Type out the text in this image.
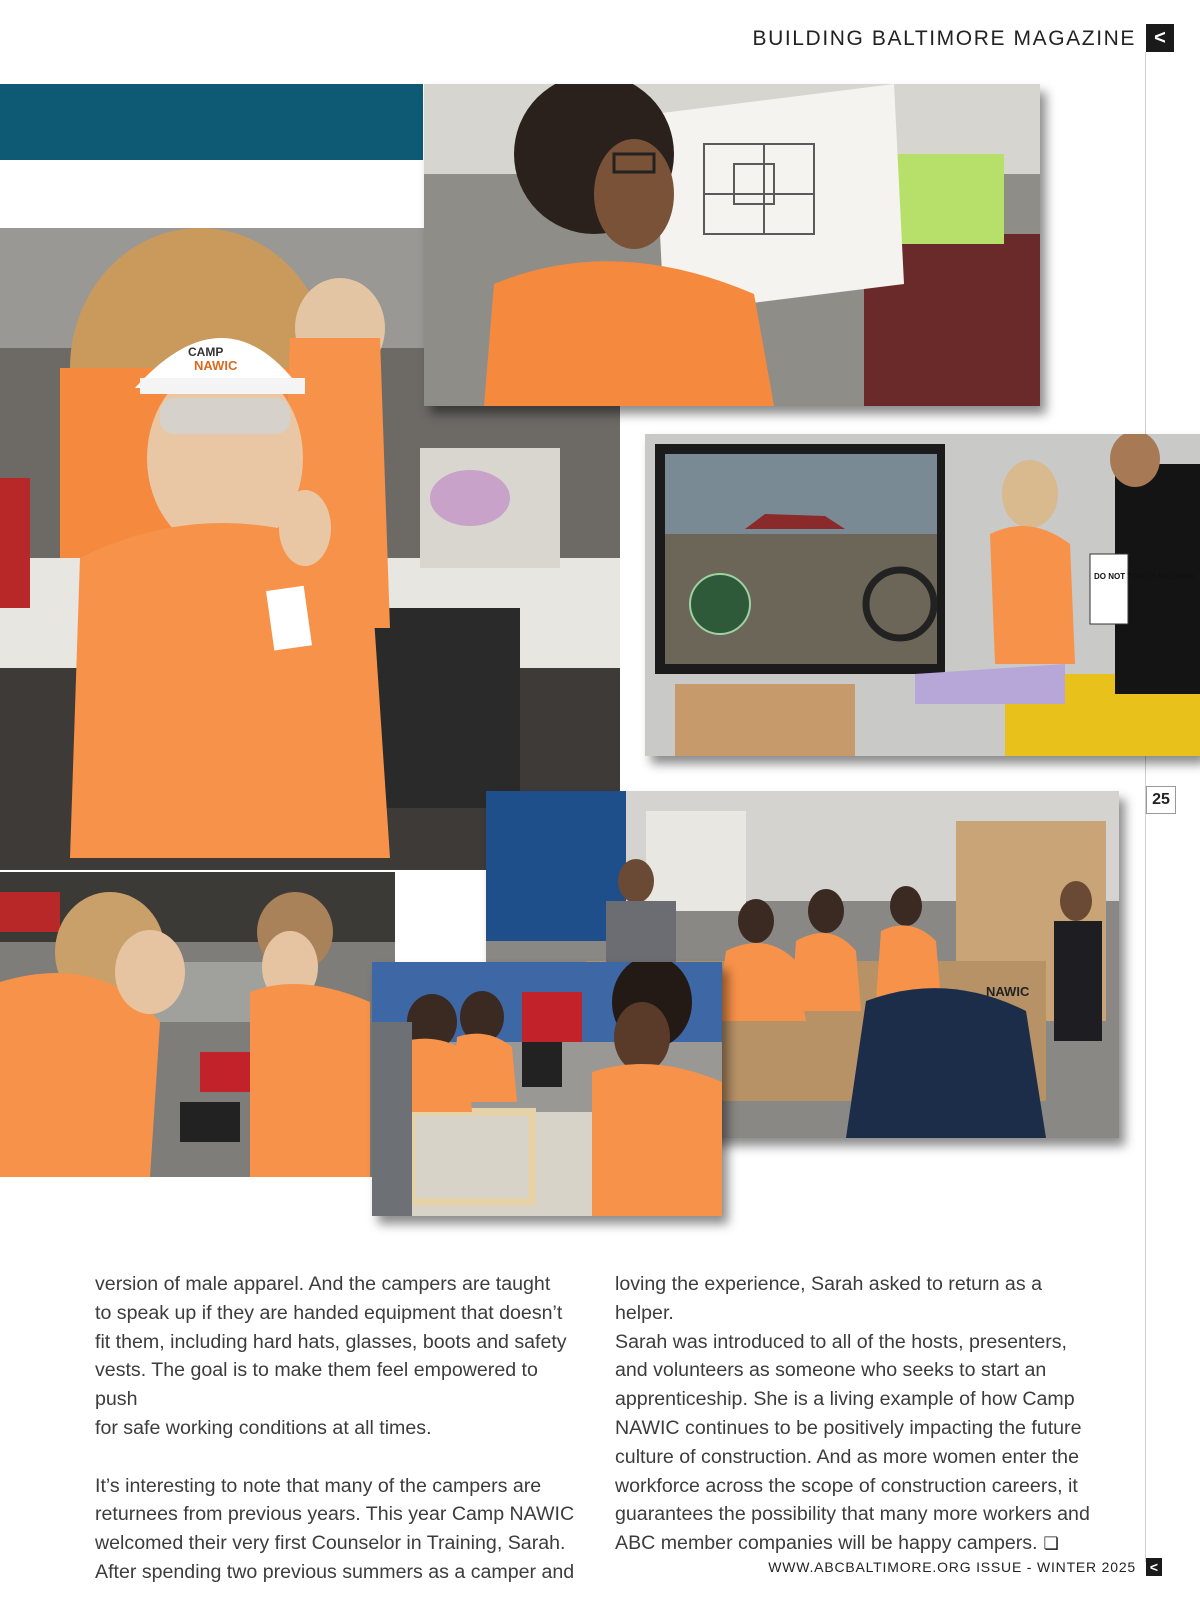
BUILDING BALTIMORE MAGAZINE <
25
CAMP
NAWIC
DO NOT TOUCH MACHINE
NAWIC

version of male apparel. And the campers are taught
to speak up if they are handed equipment that doesn’t
fit them, including hard hats, glasses, boots and safety
vests. The goal is to make them feel empowered to push
for safe working conditions at all times.

It’s interesting to note that many of the campers are
returnees from previous years. This year Camp NAWIC
welcomed their very first Counselor in Training, Sarah.
After spending two previous summers as a camper and

loving the experience, Sarah asked to return as a helper.
Sarah was introduced to all of the hosts, presenters,
and volunteers as someone who seeks to start an
apprenticeship. She is a living example of how Camp
NAWIC continues to be positively impacting the future
culture of construction. And as more women enter the
workforce across the scope of construction careers, it
guarantees the possibility that many more workers and
ABC member companies will be happy campers. ❏

WWW.ABCBALTIMORE.ORG ISSUE - WINTER 2025 <
